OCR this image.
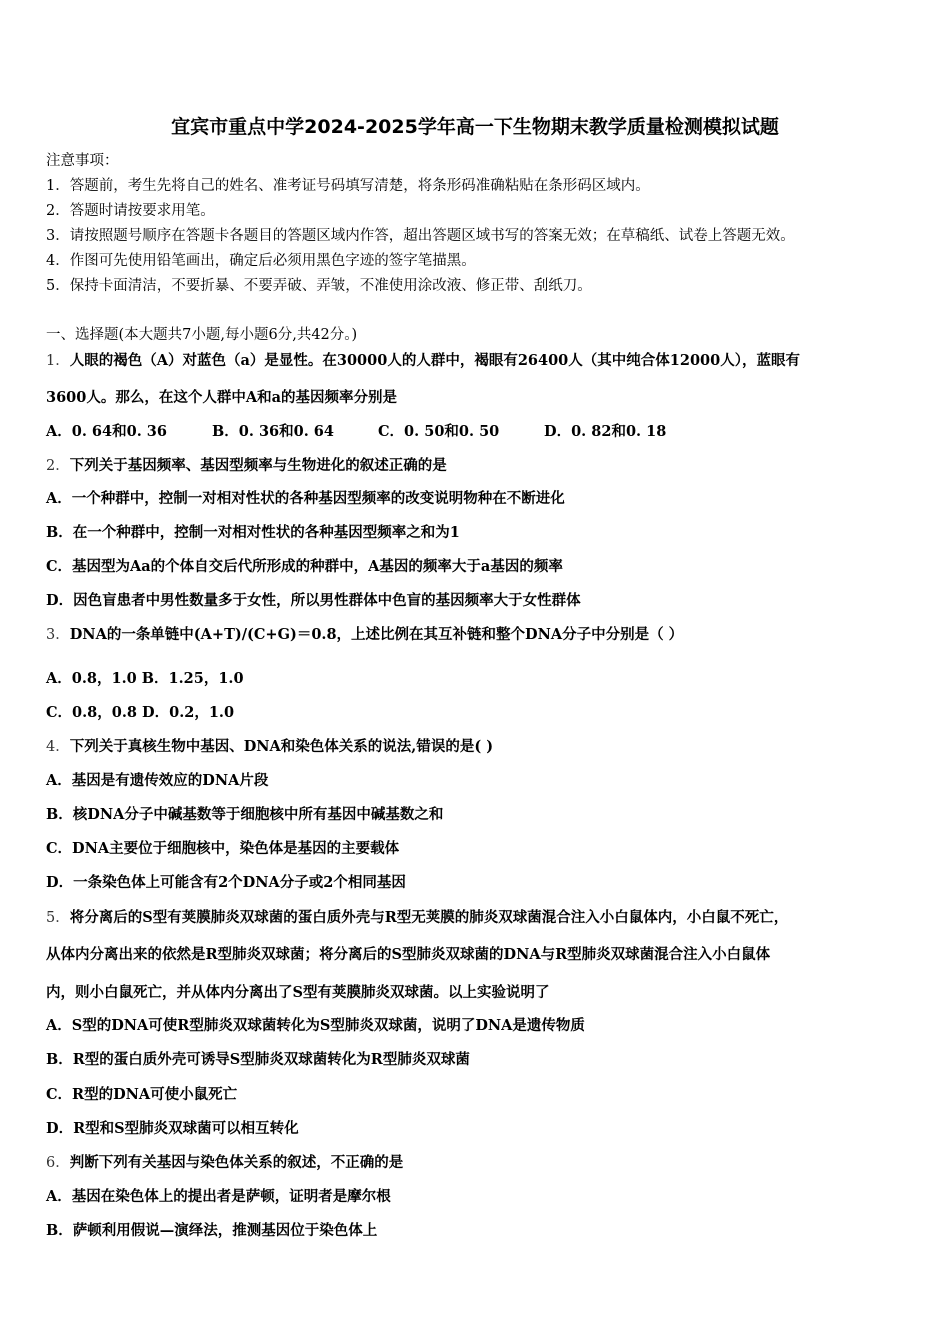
宜宾市重点中学2024-2025学年高一下生物期末教学质量检测模拟试题
注意事项：
1．答题前，考生先将自己的姓名、准考证号码填写清楚，将条形码准确粘贴在条形码区域内。
2．答题时请按要求用笔。
3．请按照题号顺序在答题卡各题目的答题区域内作答，超出答题区域书写的答案无效；在草稿纸、试卷上答题无效。
4．作图可先使用铅笔画出，确定后必须用黑色字迹的签字笔描黑。
5．保持卡面清洁，不要折暴、不要弄破、弄皱，不准使用涂改液、修正带、刮纸刀。
一、选择题(本大题共7小题,每小题6分,共42分。)
1．人眼的褐色（A）对蓝色（a）是显性。在30000人的人群中，褐眼有26400人（其中纯合体12000人），蓝眼有
3600人。那么，在这个人群中A和a的基因频率分别是
A．0. 64和0. 36	B．0. 36和0. 64	C．0. 50和0. 50	D．0. 82和0. 18
2．下列关于基因频率、基因型频率与生物进化的叙述正确的是
A．一个种群中，控制一对相对性状的各种基因型频率的改变说明物种在不断进化
B．在一个种群中，控制一对相对性状的各种基因型频率之和为1
C．基因型为Aa的个体自交后代所形成的种群中，A基因的频率大于a基因的频率
D．因色盲患者中男性数量多于女性，所以男性群体中色盲的基因频率大于女性群体
3．DNA的一条单链中(A+T)/(C+G)＝0.8，上述比例在其互补链和整个DNA分子中分别是（ ）
A．0.8，1.0 B．1.25，1.0
C．0.8，0.8 D．0.2，1.0
4．下列关于真核生物中基因、DNA和染色体关系的说法,错误的是( )
A．基因是有遗传效应的DNA片段
B．核DNA分子中碱基数等于细胞核中所有基因中碱基数之和
C．DNA主要位于细胞核中，染色体是基因的主要载体
D．一条染色体上可能含有2个DNA分子或2个相同基因
5．将分离后的S型有荚膜肺炎双球菌的蛋白质外壳与R型无荚膜的肺炎双球菌混合注入小白鼠体内，小白鼠不死亡，
从体内分离出来的依然是R型肺炎双球菌；将分离后的S型肺炎双球菌的DNA与R型肺炎双球菌混合注入小白鼠体
内，则小白鼠死亡，并从体内分离出了S型有荚膜肺炎双球菌。以上实验说明了
A．S型的DNA可使R型肺炎双球菌转化为S型肺炎双球菌，说明了DNA是遗传物质
B．R型的蛋白质外壳可诱导S型肺炎双球菌转化为R型肺炎双球菌
C．R型的DNA可使小鼠死亡
D．R型和S型肺炎双球菌可以相互转化
6．判断下列有关基因与染色体关系的叙述，不正确的是
A．基因在染色体上的提出者是萨顿，证明者是摩尔根
B．萨顿利用假说—演绎法，推测基因位于染色体上
